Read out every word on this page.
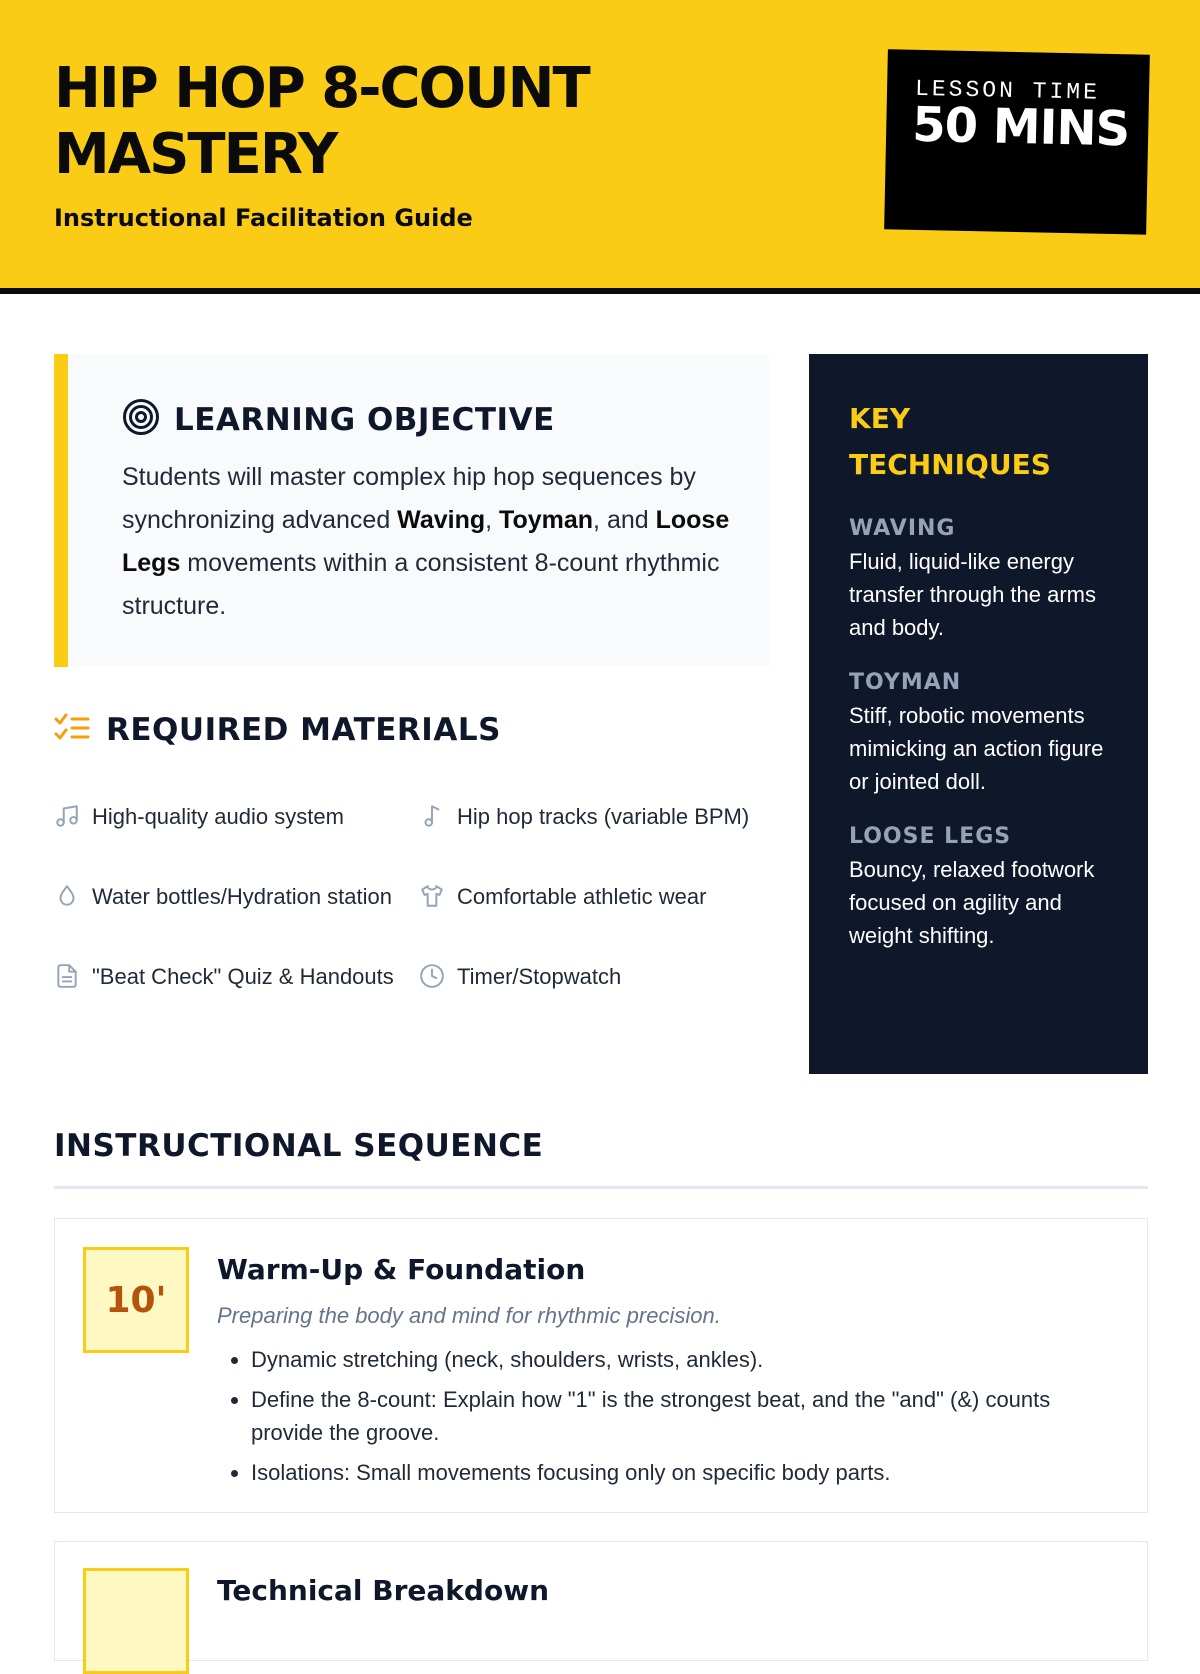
HIP HOP 8-COUNT MASTERY
Instructional Facilitation Guide
LESSON TIME
50 MINS
LEARNING OBJECTIVE

Students will master complex hip hop sequences by synchronizing advanced Waving, Toyman, and Loose Legs movements within a consistent 8-count rhythmic structure.

REQUIRED MATERIALS
High-quality audio system	Hip hop tracks (variable BPM)
Water bottles/Hydration station	Comfortable athletic wear
"Beat Check" Quiz & Handouts	Timer/Stopwatch
KEY TECHNIQUES
WAVING
Fluid, liquid-like energy transfer through the arms and body.
TOYMAN
Stiff, robotic movements mimicking an action figure or jointed doll.
LOOSE LEGS
Bouncy, relaxed footwork focused on agility and weight shifting.
INSTRUCTIONAL SEQUENCE
10'
Warm-Up & Foundation
Preparing the body and mind for rhythmic precision.
• Dynamic stretching (neck, shoulders, wrists, ankles).
• Define the 8-count: Explain how "1" is the strongest beat, and the "and" (&) counts provide the groove.
• Isolations: Small movements focusing only on specific body parts.
Technical Breakdown
